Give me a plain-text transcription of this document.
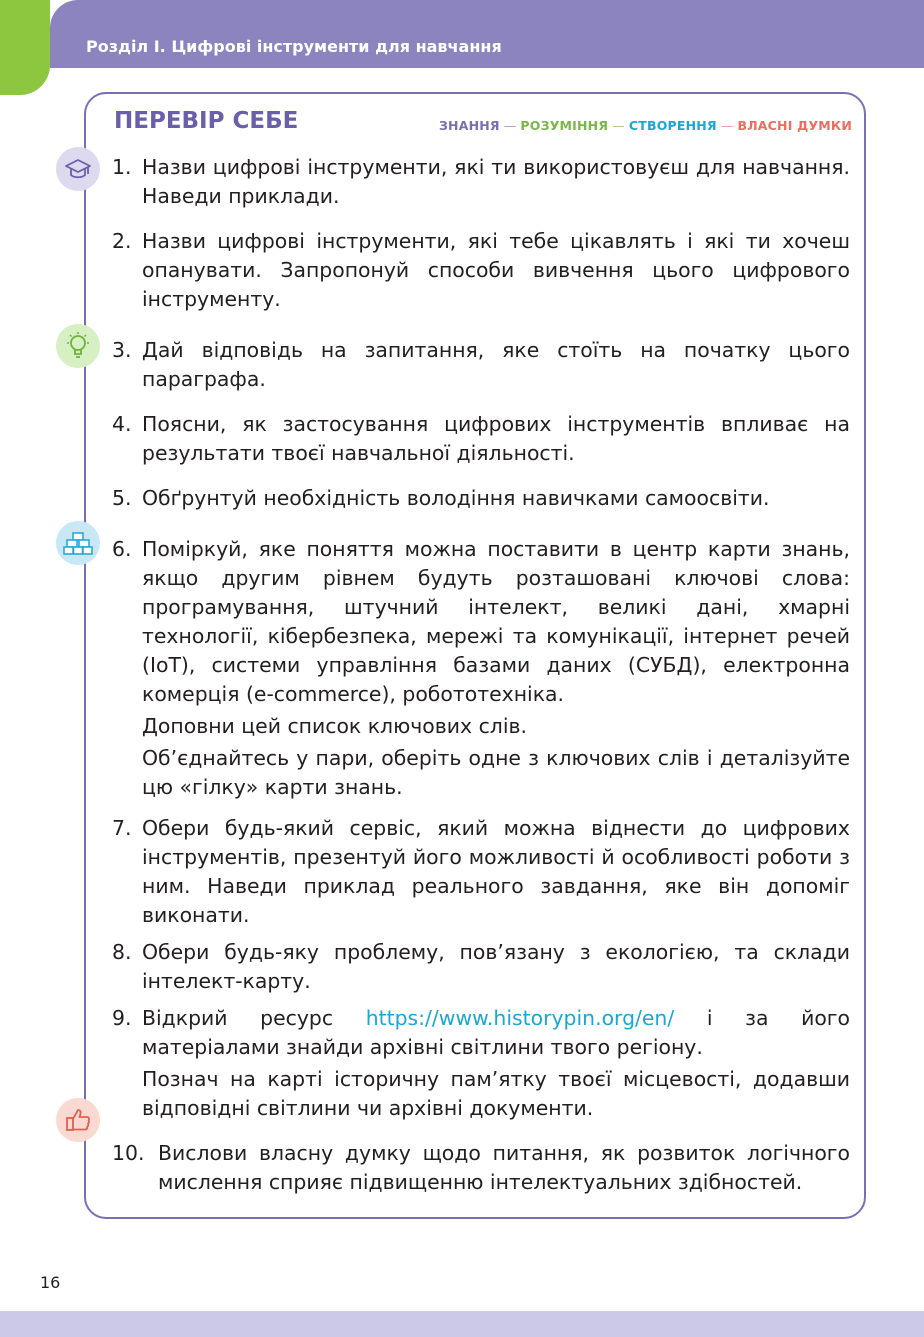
Розділ І. Цифрові інструменти для навчання
ПЕРЕВІР СЕБЕ	ЗНАННЯ — РОЗУМІННЯ — СТВОРЕННЯ — ВЛАСНІ ДУМКИ
1. Назви цифрові інструменти, які ти використовуєш для навчання. Наведи приклади.

2. Назви цифрові інструменти, які тебе цікавлять і які ти хочеш опанувати. Запропонуй способи вивчення цього цифрового інструменту.

3. Дай відповідь на запитання, яке стоїть на початку цього параграфа.

4. Поясни, як застосування цифрових інструментів впливає на результати твоєї навчальної діяльності.

5. Обґрунтуй необхідність володіння навичками самоосвіти.

6. Поміркуй, яке поняття можна поставити в центр карти знань, якщо другим рівнем будуть розташовані ключові слова: програмування, штучний інтелект, великі дані, хмарні технології, кібербезпека, мережі та комунікації, інтернет речей (IoT), системи управління базами даних (СУБД), електронна комерція (e-commerce), робототехніка.

Доповни цей список ключових слів.

Об’єднайтесь у пари, оберіть одне з ключових слів і деталізуйте цю «гілку» карти знань.

7. Обери будь-який сервіс, який можна віднести до цифрових інструментів, презентуй його можливості й особливості роботи з ним. Наведи приклад реального завдання, яке він допоміг виконати.

8. Обери будь-яку проблему, пов’язану з екологією, та склади інтелект-карту.

9. Відкрий ресурс https://www.historypin.org/en/ і за його матеріалами знайди архівні світлини твого регіону.

Познач на карті історичну пам’ятку твоєї місцевості, додавши відповідні світлини чи архівні документи.

10. Вислови власну думку щодо питання, як розвиток логічного мислення сприяє підвищенню інтелектуальних здібностей.

16
